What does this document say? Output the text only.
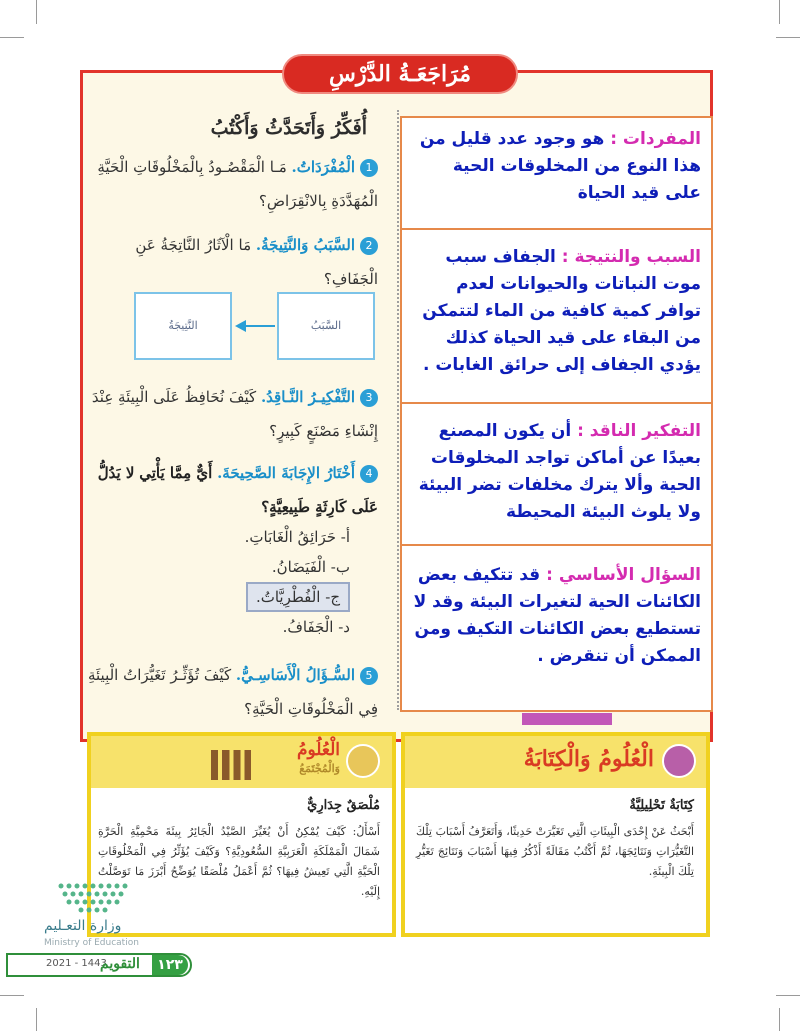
مُرَاجَعَـةُ الدَّرْسِ
أُفَكِّرُ وَأَتَحَدَّثُ وَأَكْتُبُ
1الْمُفْرَدَاتُ. مَـا الْمَقْصُـودُ بِالْمَخْلُوقَاتِ الْحَيَّةِ الْمُهَدَّدَةِ بِالانْقِرَاضِ؟
2السَّبَبُ وَالنَّتِيجَةُ. مَا الْآثَارُ النَّاتِجَةُ عَنِ الْجَفَافِ؟
السَّبَبُ
النَّتِيجَةُ
3التَّفْكِيـرُ النَّـاقِدُ. كَيْفَ نُحَافِظُ عَلَى الْبِيئَةِ عِنْدَ إِنْشَاءِ مَصْنَعٍ كَبِيرٍ؟
4أَخْتَارُ الإِجَابَةَ الصَّحِيحَةَ. أَيٌّ مِمَّا يَأْتِي لا يَدُلُّ عَلَى كَارِثَةٍ طَبِيعِيَّةٍ؟
أ- حَرَائِقُ الْغَابَاتِ.
ب- الْفَيَضَانُ.
ج- الْفُطْرِيَّاتُ.
د- الْجَفَافُ.
5السُّـؤَالُ الْأَسَاسِـيُّ. كَيْفَ تُؤَثِّـرُ تَغَيُّرَاتُ الْبِيئَةِ فِي الْمَخْلُوقَاتِ الْحَيَّةِ؟
المفردات : هو وجود عدد قليل من هذا النوع من المخلوقات الحية على قيد الحياة
السبب والنتيجة : الجفاف سبب موت النباتات والحيوانات لعدم توافر كمية كافية من الماء لتتمكن من البقاء على قيد الحياة كذلك يؤدي الجفاف إلى حرائق الغابات .
التفكير الناقد : أن يكون المصنع بعيدًا عن أماكن تواجد المخلوقات الحية وألا يترك مخلفات تضر البيئة ولا يلوث البيئة المحيطة
السؤال الأساسي : قد تتكيف بعض الكائنات الحية لتغيرات البيئة وقد لا تستطيع بعض الكائنات التكيف ومن الممكن أن تنقرض .
الْعُلُومُ وَالْكِتَابَةُ
كِتَابَةٌ تَحْلِيلِيَّةٌ
أَبْحَثُ عَنْ إِحْدَى الْبِيئَاتِ الَّتِي تَغَيَّرَتْ حَدِيثًا، وَأَتَعَرَّفُ أَسْبَابَ تِلْكَ التَّغَيُّرَاتِ وَنَتَائِجَهَا، ثُمَّ أَكْتُبُ مَقَالَةً أَذْكُرُ فِيهَا أَسْبَابَ وَنَتَائِجَ تَغَيُّرِ تِلْكَ الْبِيئَةِ.
الْعُلُومُ
وَالْمُجْتَمَعُ
مُلْصَقٌ جِدَارِيٌّ
أَسْأَلُ: كَيْفَ يُمْكِنُ أَنْ يُغَيِّرَ الصَّيْدُ الْجَائِرُ بِيئَةَ مَحْمِيَّةِ الْحَرَّةِ شَمَالَ الْمَمْلَكَةِ الْعَرَبِيَّةِ السُّعُودِيَّةِ؟ وَكَيْفَ يُؤَثِّرُ فِي الْمَخْلُوقَاتِ الْحَيَّةِ الَّتِي تَعِيشُ فِيهَا؟ ثُمَّ أَعْمَلُ مُلْصَقًا يُوَضِّحُ أَبْرَزَ مَا تَوَصَّلْتُ إِلَيْهِ.
وزارة التعـليم
Ministry of Education
2021 - 1443
التقويم	١٢٣
